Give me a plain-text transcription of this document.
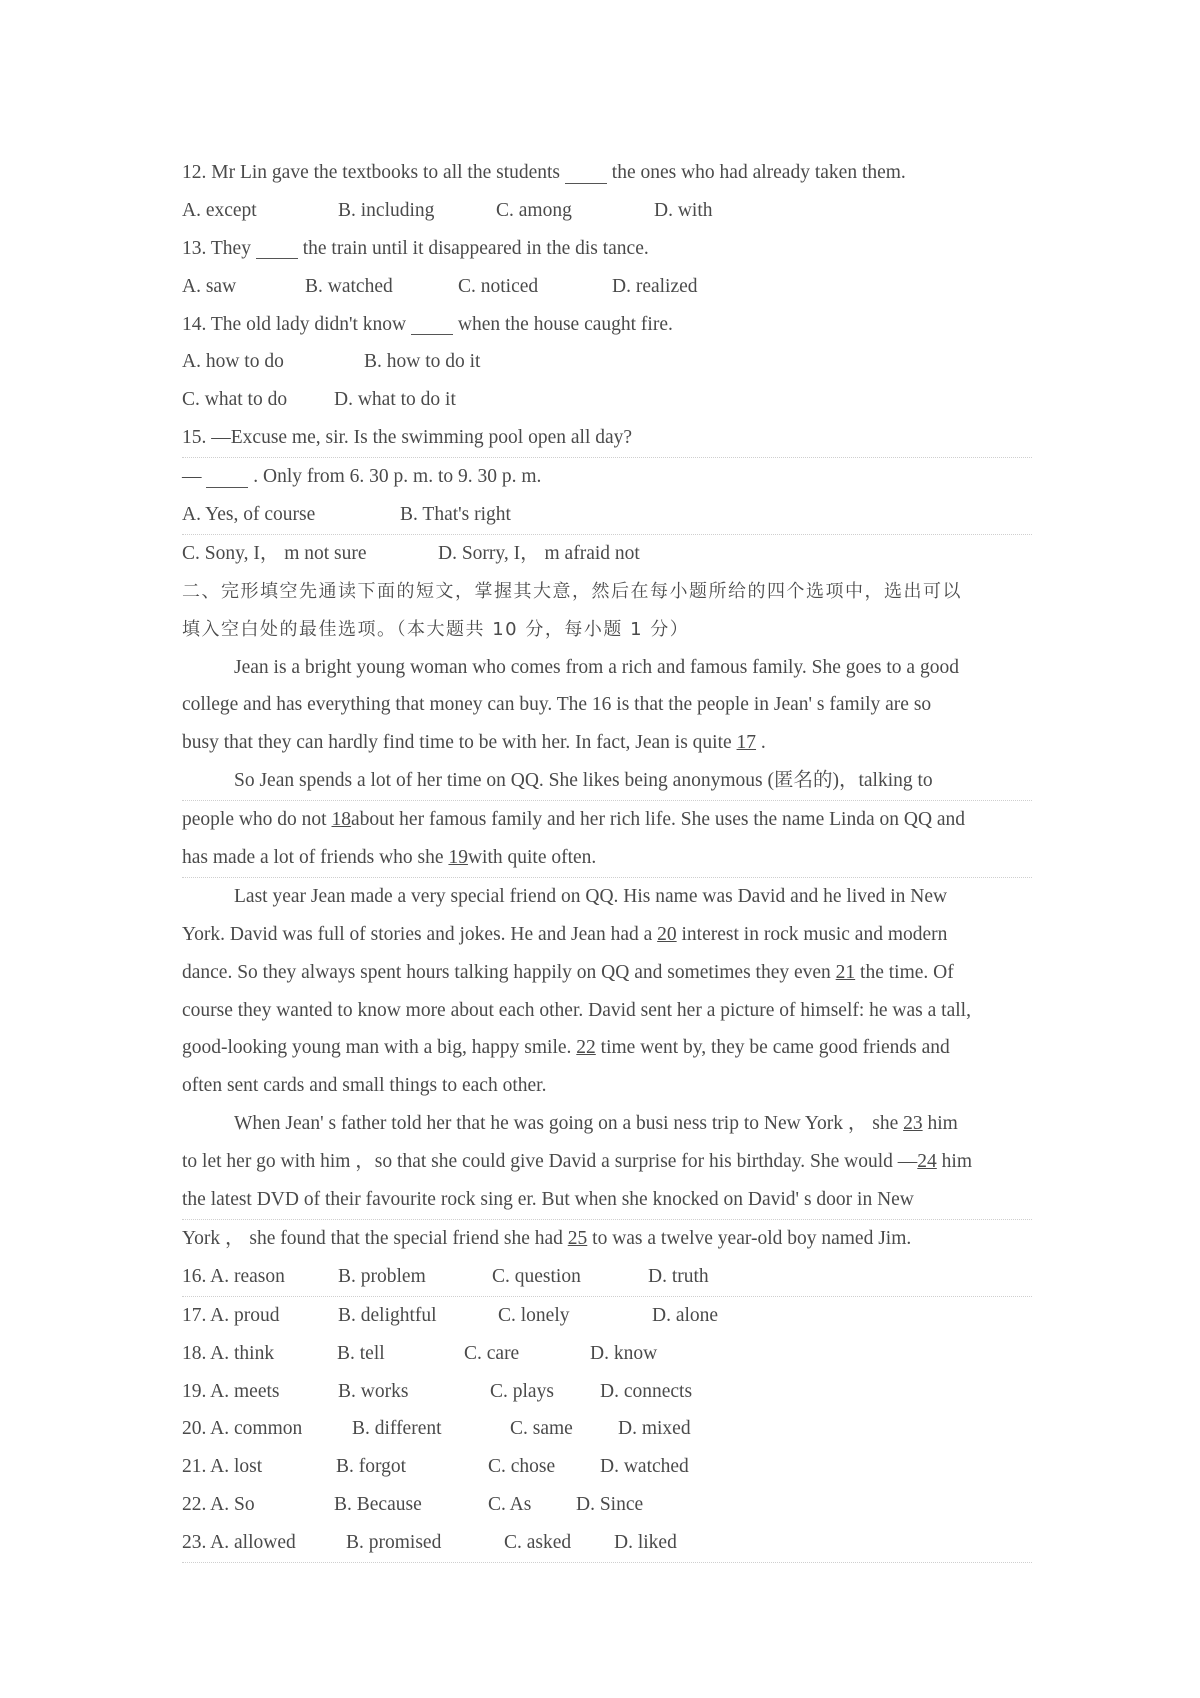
12. Mr Lin gave the textbooks to all the students   the ones who had already taken them.
A. except	B. including	C. among	D. with
13. They   the train until it disappeared in the dis tance.
A. saw	B. watched	C. noticed	D. realized
14. The old lady didn't know   when the house caught fire.
A. how to do	B. how to do it
C. what to do D. what to do it
15. —Excuse me, sir. Is the swimming pool open all day?
—   . Only from 6. 30 p. m. to 9. 30 p. m.
A. Yes, of course	B. That's right
C. Sony, I， m not sure	D. Sorry, I， m afraid not
二、完形填空先通读下面的短文，掌握其大意，然后在每小题所给的四个选项中，选出可以
填入空白处的最佳选项。（本大题共 10 分，每小题 1 分）
Jean is a bright young woman who comes from a rich and famous family. She goes to a good
college and has everything that money can buy. The 16 is that the people in Jean' s family are so
busy that they can hardly find time to be with her. In fact, Jean is quite 17 .
So Jean spends a lot of her time on QQ. She likes being anonymous (匿名的)，talking to
people who do not 18about her famous family and her rich life. She uses the name Linda on QQ and
has made a lot of friends who she 19with quite often.
Last year Jean made a very special friend on QQ. His name was David and he lived in New
York. David was full of stories and jokes. He and Jean had a 20 interest in rock music and modern
dance. So they always spent hours talking happily on QQ and sometimes they even 21 the time. Of
course they wanted to know more about each other. David sent her a picture of himself: he was a tall,
good-looking young man with a big, happy smile. 22 time went by, they be came good friends and
often sent cards and small things to each other.
When Jean' s father told her that he was going on a busi ness trip to New York ， she 23 him
to let her go with him ，so that she could give David a surprise for his birthday. She would —24 him
the latest DVD of their favourite rock sing er. But when she knocked on David' s door in New
York ， she found that the special friend she had 25 to was a twelve year-old boy named Jim.
16. A. reason	B. problem	C. question	D. truth
17. A. proud	B. delightful	C. lonely	D. alone
18. A. think	B. tell	C. care	D. know
19. A. meets	B. works	C. plays D. connects
20. A. common	B. different	C. same D. mixed
21. A. lost	B. forgot	C. chose D. watched
22. A. So	B. Because	C. As D. Since
23. A. allowed	B. promised	C. asked D. liked
